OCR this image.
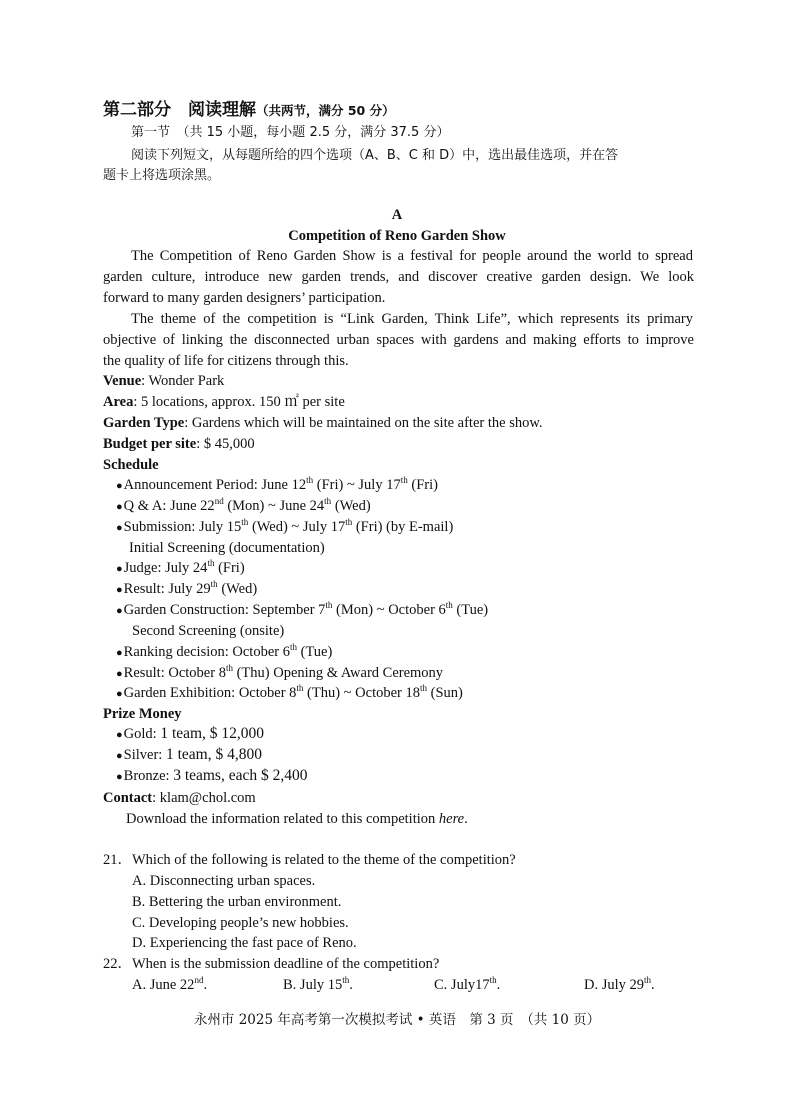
第二部分　阅读理解（共两节，满分 50 分）
第一节　（共 15 小题，每小题 2.5 分，满分 37.5 分）
阅读下列短文，从每题所给的四个选项（A、B、C 和 D）中，选出最佳选项，并在答
题卡上将选项涂黑。
A
Competition of Reno Garden Show
The Competition of Reno Garden Show is a festival for people around the world to spread
garden culture, introduce new garden trends, and discover creative garden design. We look
forward to many garden designers’ participation.
The theme of the competition is “Link Garden, Think Life”, which represents its primary
objective of linking the disconnected urban spaces with gardens and making efforts to improve
the quality of life for citizens through this.
Venue: Wonder Park
Area: 5 locations, approx. 150 ㎡ per site
Garden Type: Gardens which will be maintained on the site after the show.
Budget per site: $ 45,000
Schedule
●Announcement Period: June 12th (Fri) ~ July 17th (Fri)
●Q & A: June 22nd (Mon) ~ June 24th (Wed)
●Submission: July 15th (Wed) ~ July 17th (Fri) (by E-mail)
Initial Screening (documentation)
●Judge: July 24th (Fri)
●Result: July 29th (Wed)
●Garden Construction: September 7th (Mon) ~ October 6th (Tue)
Second Screening (onsite)
●Ranking decision: October 6th (Tue)
●Result: October 8th (Thu) Opening & Award Ceremony
●Garden Exhibition: October 8th (Thu) ~ October 18th (Sun)
Prize Money
●Gold: 1 team, $ 12,000
●Silver: 1 team, $ 4,800
●Bronze: 3 teams, each $ 2,400
Contact: klam@chol.com
Download the information related to this competition here.
21．Which of the following is related to the theme of the competition?
A. Disconnecting urban spaces.
B. Bettering the urban environment.
C. Developing people’s new hobbies.
D. Experiencing the fast pace of Reno.
22．When is the submission deadline of the competition?
A. June 22nd.	B. July 15th.	C. July17th.	D. July 29th.
永州市 2025 年高考第一次模拟考试 • 英语　第 3 页　（共 10 页）
